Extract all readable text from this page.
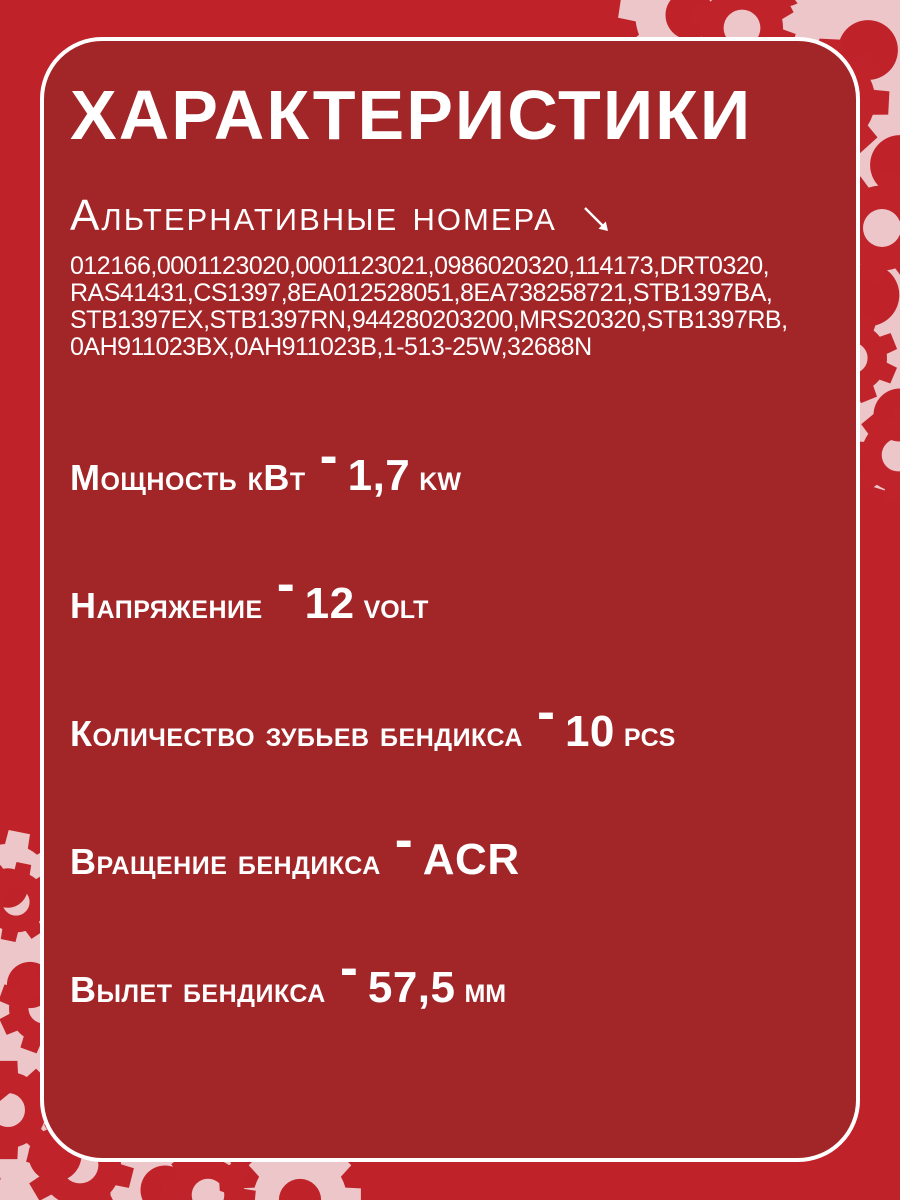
ХАРАКТЕРИСТИКИ
Альтернативные номера
012166,0001123020,0001123021,0986020320,114173,DRT0320,
RAS41431,CS1397,8EA012528051,8EA738258721,STB1397BA,
STB1397EX,STB1397RN,944280203200,MRS20320,STB1397RB,
0AH911023BX,0AH911023B,1-513-25W,32688N
Мощность кВт - 1,7 kw
Напряжение - 12 volt
Количество зубьев бендикса - 10 pcs
Вращение бендикса - ACR
Вылет бендикса - 57,5 мм
